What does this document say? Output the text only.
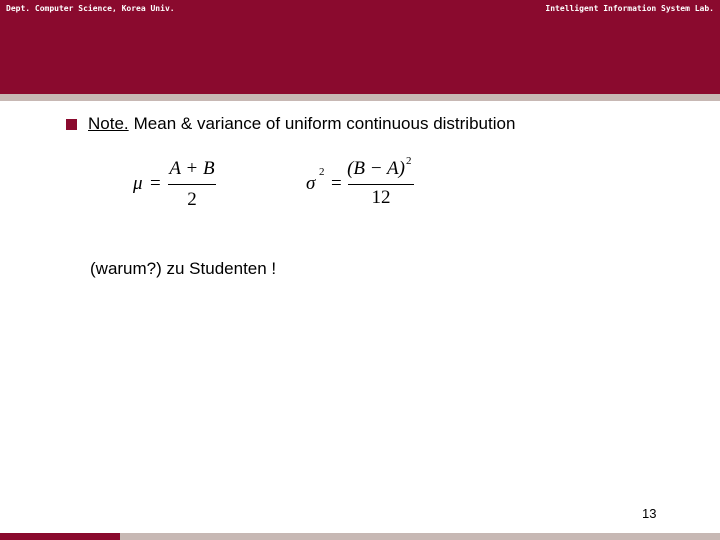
Dept. Computer Science, Korea Univ.	Intelligent Information System Lab.
Note. Mean & variance of uniform continuous distribution
μ =
A + B
2
σ
2
=
(B − A) 2
12
(warum?) zu Studenten !
13
